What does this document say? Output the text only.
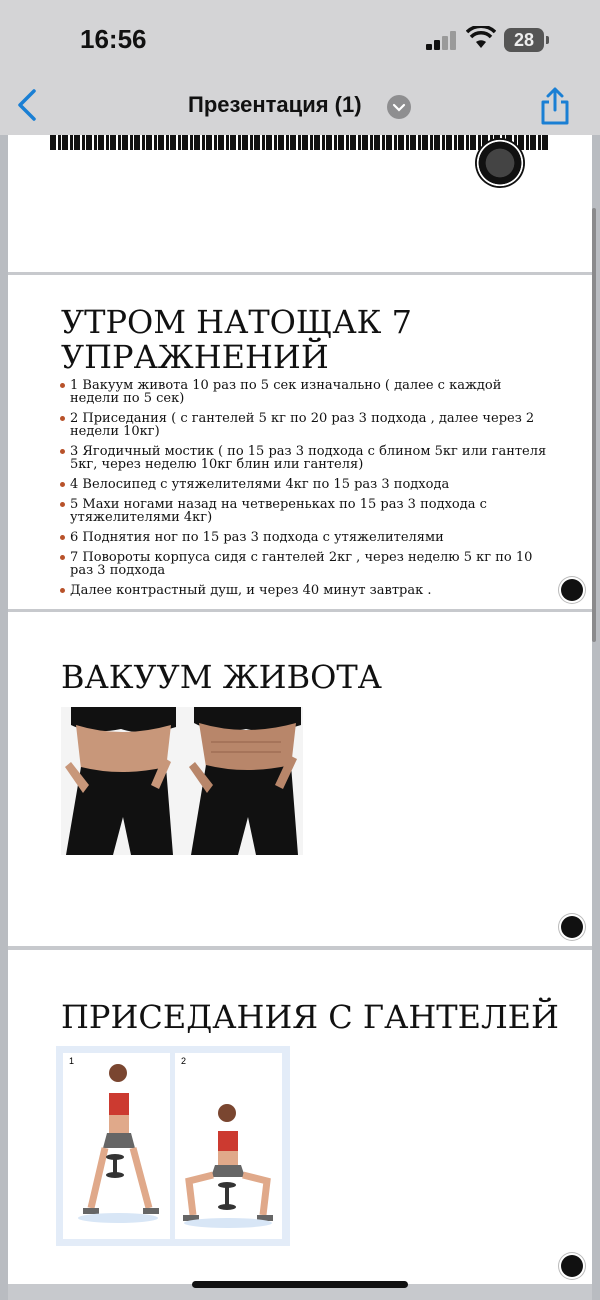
16:56	28
Презентация (1)
УТРОМ НАТОЩАК 7 УПРАЖНЕНИЙ
1 Вакуум живота 10 раз по 5 сек изначально ( далее с каждой недели по 5 сек)
2 Приседания ( с гантелей 5 кг по 20 раз 3 подхода , далее через 2 недели 10кг)
3 Ягодичный мостик ( по 15 раз 3 подхода с блином 5кг или гантеля 5кг, через неделю 10кг блин или гантеля)
4 Велосипед с утяжелителями 4кг по 15 раз 3 подхода
5 Махи ногами назад на четвереньках по 15 раз 3 подхода с утяжелителями 4кг)
6 Поднятия ног по 15 раз 3 подхода с утяжелителями
7 Повороты корпуса сидя с гантелей 2кг , через неделю 5 кг по 10 раз 3 подхода
Далее контрастный душ, и через 40 минут завтрак .
ВАКУУМ ЖИВОТА
ПРИСЕДАНИЯ С ГАНТЕЛЕЙ
1	2
